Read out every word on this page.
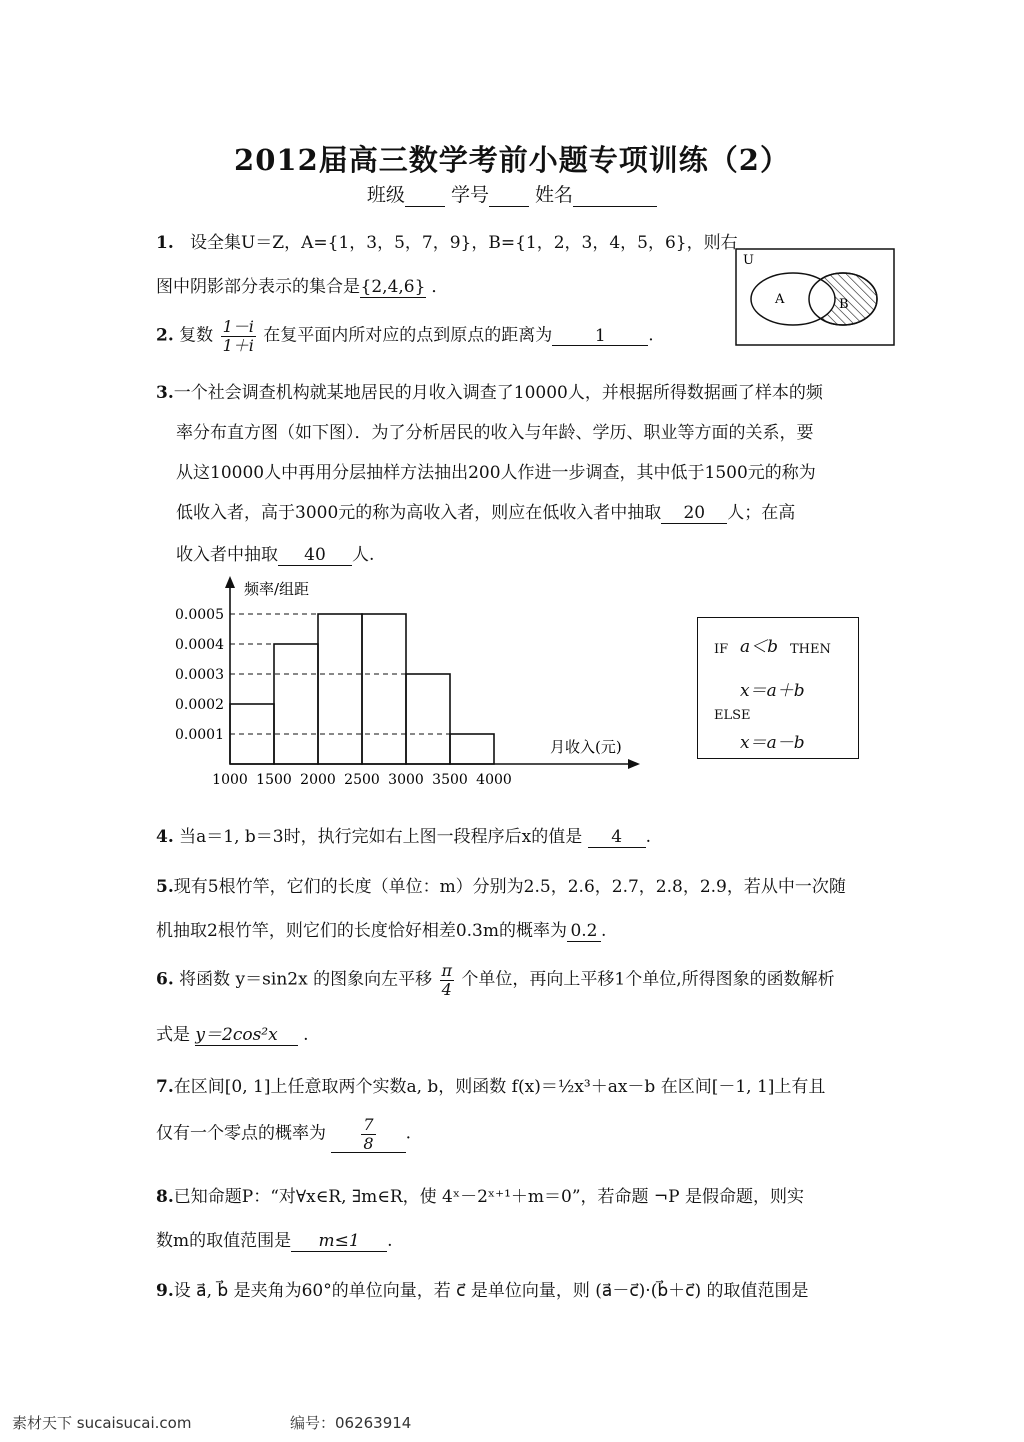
2012届高三数学考前小题专项训练（2）
班级 学号 姓名
1. 设全集U＝Z，A={1，3，5，7，9}，B={1，2，3，4，5，6}，则右
图中阴影部分表示的集合是{2,4,6} ．
U
A	B
2. 复数 $\frac{1-i}{1+i}$ 在复平面内所对应的点到原点的距离为	1	.
3.一个社会调查机构就某地居民的月收入调查了10000人，并根据所得数据画了样本的频
率分布直方图（如下图）．为了分析居民的收入与年龄、学历、职业等方面的关系，要
从这10000人中再用分层抽样方法抽出200人作进一步调查，其中低于1500元的称为
低收入者，高于3000元的称为高收入者，则应在低收入者中抽取 20 人；在高
收入者中抽取 40 人.
0.0001
0.0002
0.0003
0.0004
0.0005
1000 1500 2000 2500 3000 3500 4000
频率/组距
月收入(元)
IF a＜b THEN
x＝a＋b
ELSE
x＝a－b
4. 当a＝1, b＝3时，执行完如右上图一段程序后x的值是 4 .
5.现有5根竹竿，它们的长度（单位：m）分别为2.5，2.6，2.7，2.8，2.9，若从中一次随
机抽取2根竹竿，则它们的长度恰好相差0.3m的概率为 0.2 .
6. 将函数 y＝sin2x 的图象向左平移 $\frac{\pi}{4}$ 个单位，再向上平移1个单位,所得图象的函数解析
式是 y＝2cos²x .
7.在区间[0, 1]上任意取两个实数a, b，则函数 f(x)＝½x³＋ax－b 在区间[－1, 1]上有且
仅有一个零点的概率为 $\frac{7}{8}$ .
8.已知命题P：“对∀x∈R, ∃m∈R，使 4ˣ－2ˣ⁺¹＋m＝0”，若命题 ¬P 是假命题，则实
数m的取值范围是 m≤1 .
9.设 a⃗, b⃗ 是夹角为60°的单位向量，若 c⃗ 是单位向量，则 (a⃗－c⃗)·(b⃗＋c⃗) 的取值范围是
素材天下 sucaisucai.com	编号：06263914
